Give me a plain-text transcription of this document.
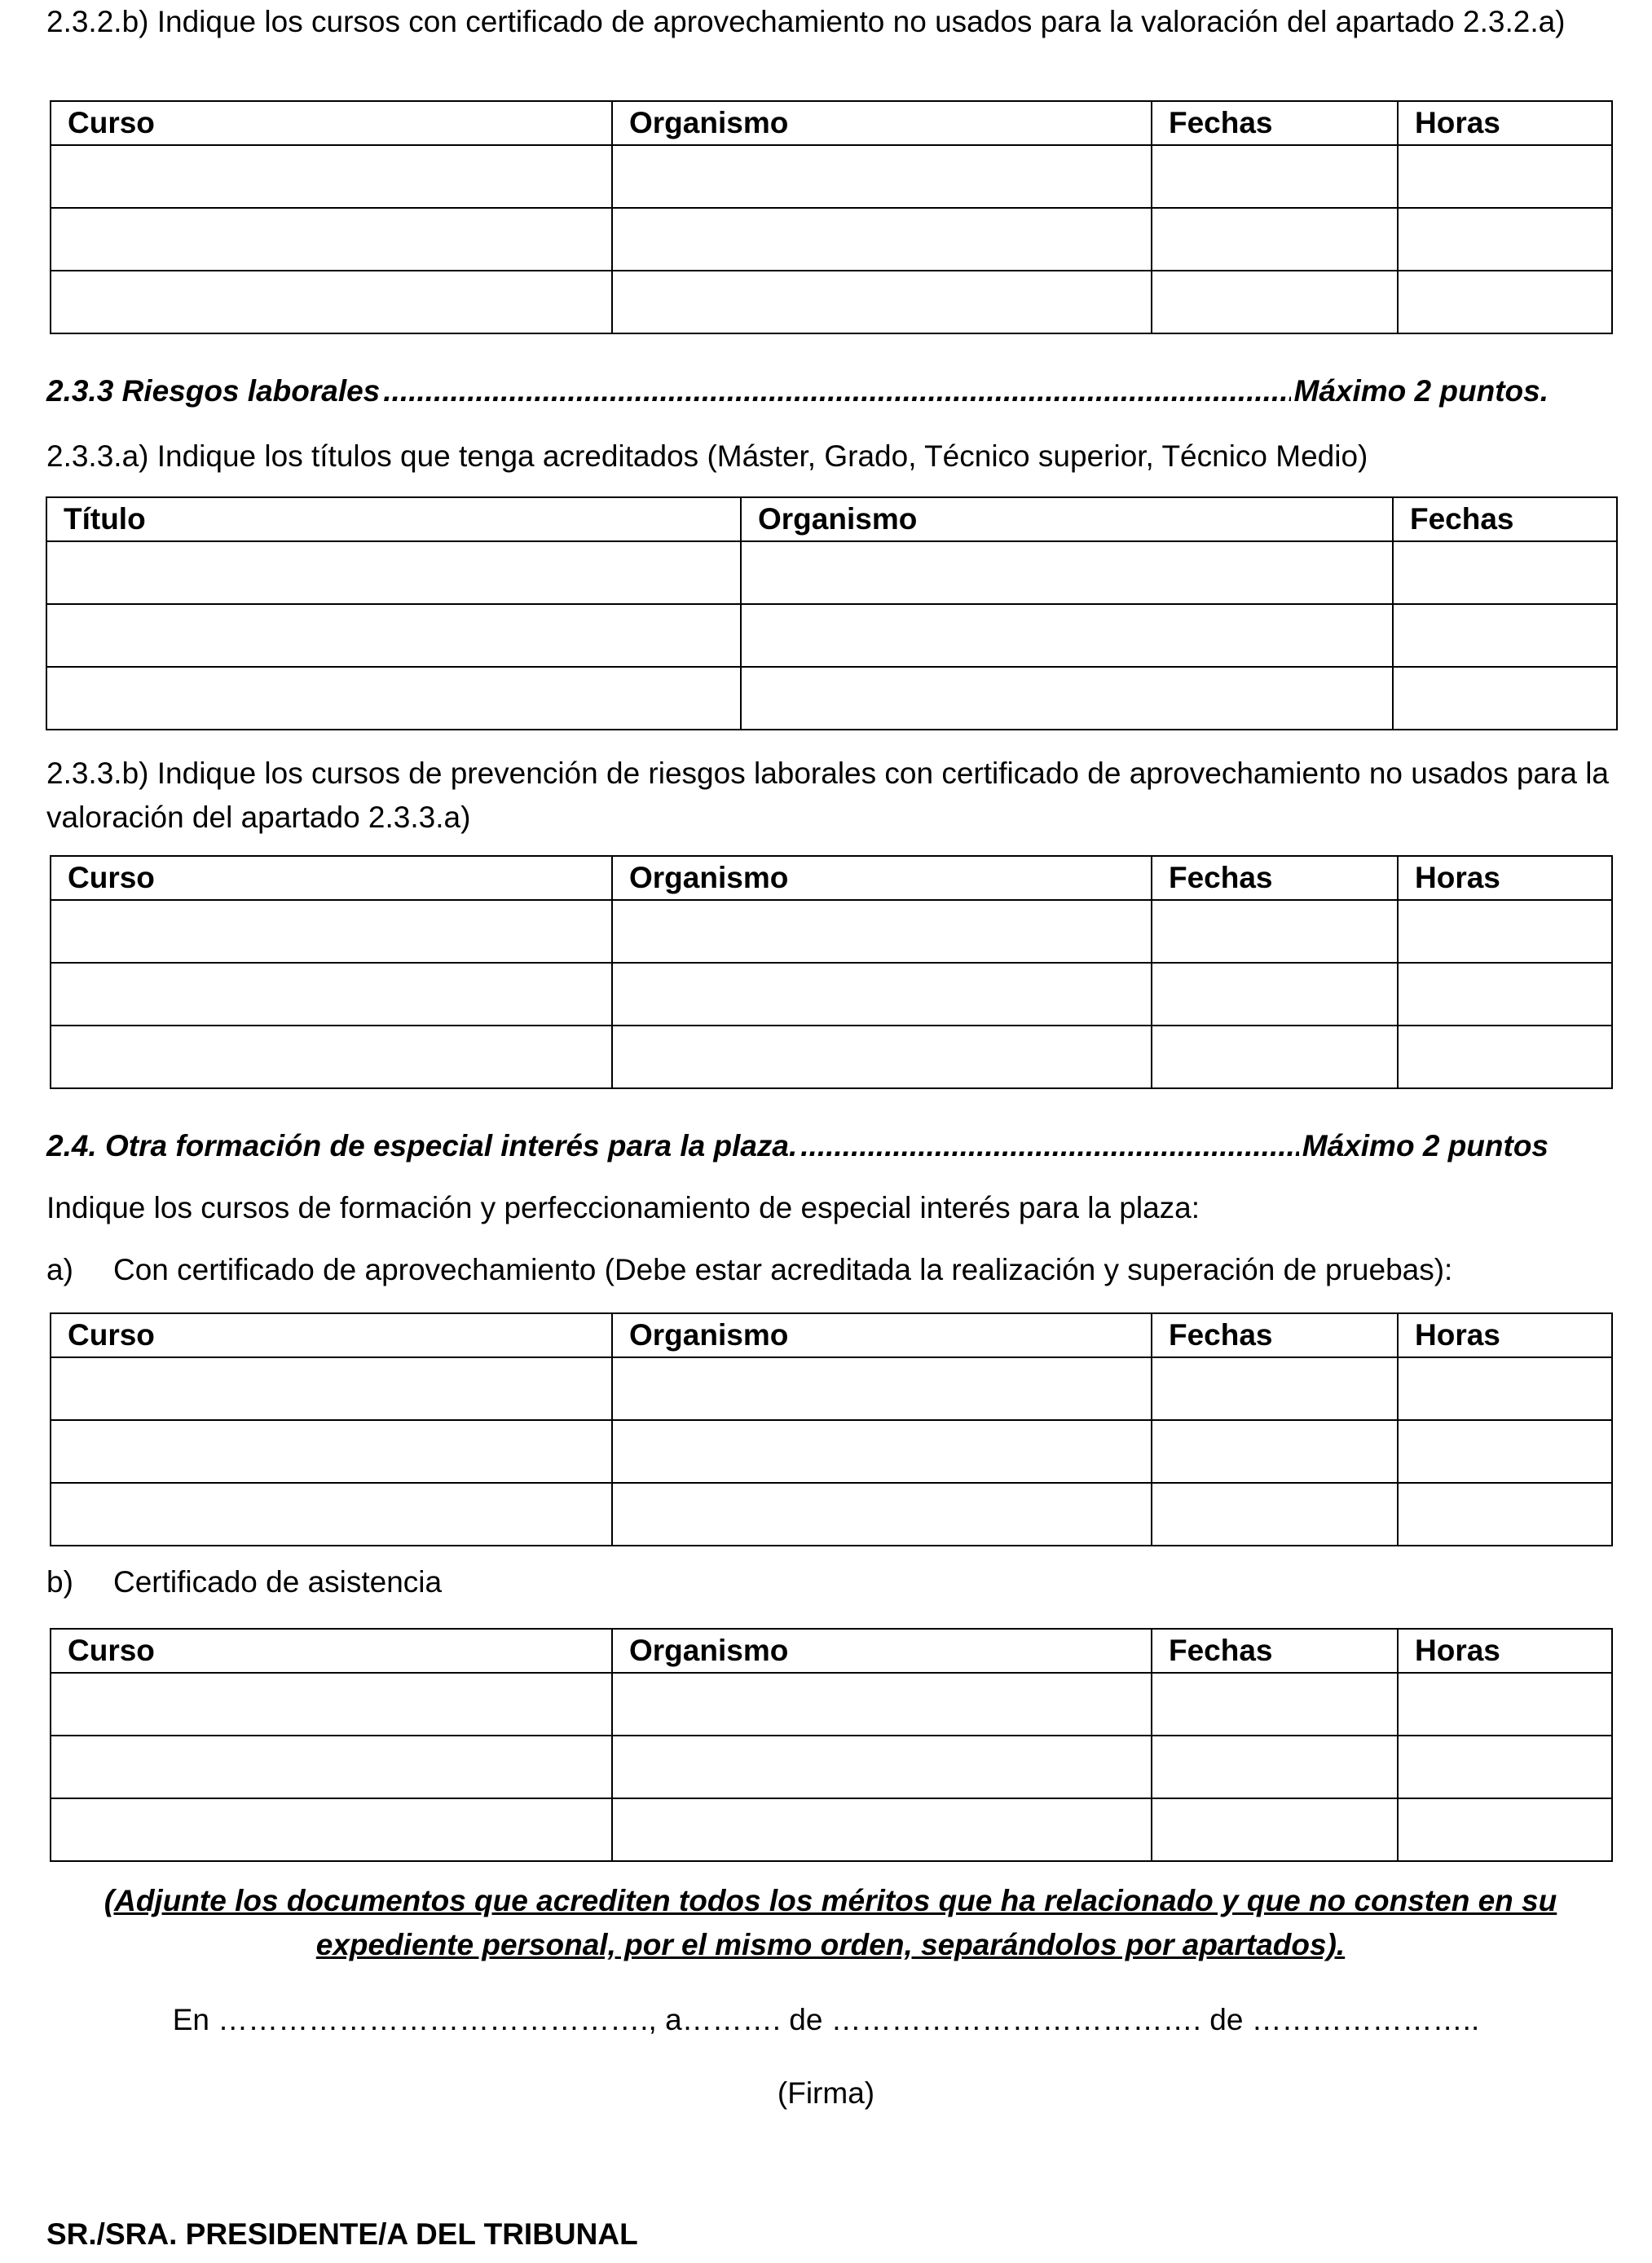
2.3.2.b) Indique los cursos con certificado de aprovechamiento no usados para la valoración del apartado 2.3.2.a)
Curso	Organismo	Fechas	Horas

2.3.3 Riesgos laborales .....	Máximo 2 puntos.
2.3.3.a) Indique los títulos que tenga acreditados (Máster, Grado, Técnico superior, Técnico Medio)
Título	Organismo	Fechas

2.3.3.b) Indique los cursos de prevención de riesgos laborales con certificado de aprovechamiento no usados para la valoración del apartado 2.3.3.a)
Curso	Organismo	Fechas	Horas

2.4. Otra formación de especial interés para la plaza. .....	Máximo 2 puntos
Indique los cursos de formación y perfeccionamiento de especial interés para la plaza:
a)	Con certificado de aprovechamiento (Debe estar acreditada la realización y superación de pruebas):
Curso	Organismo	Fechas	Horas

b)	Certificado de asistencia
Curso	Organismo	Fechas	Horas

(Adjunte los documentos que acrediten todos los méritos que ha relacionado y que no consten en su
expediente personal, por el mismo orden, separándolos por apartados).
En ……………………………………., a………. de ………………………………. de …………………..
(Firma)
SR./SRA. PRESIDENTE/A DEL TRIBUNAL
